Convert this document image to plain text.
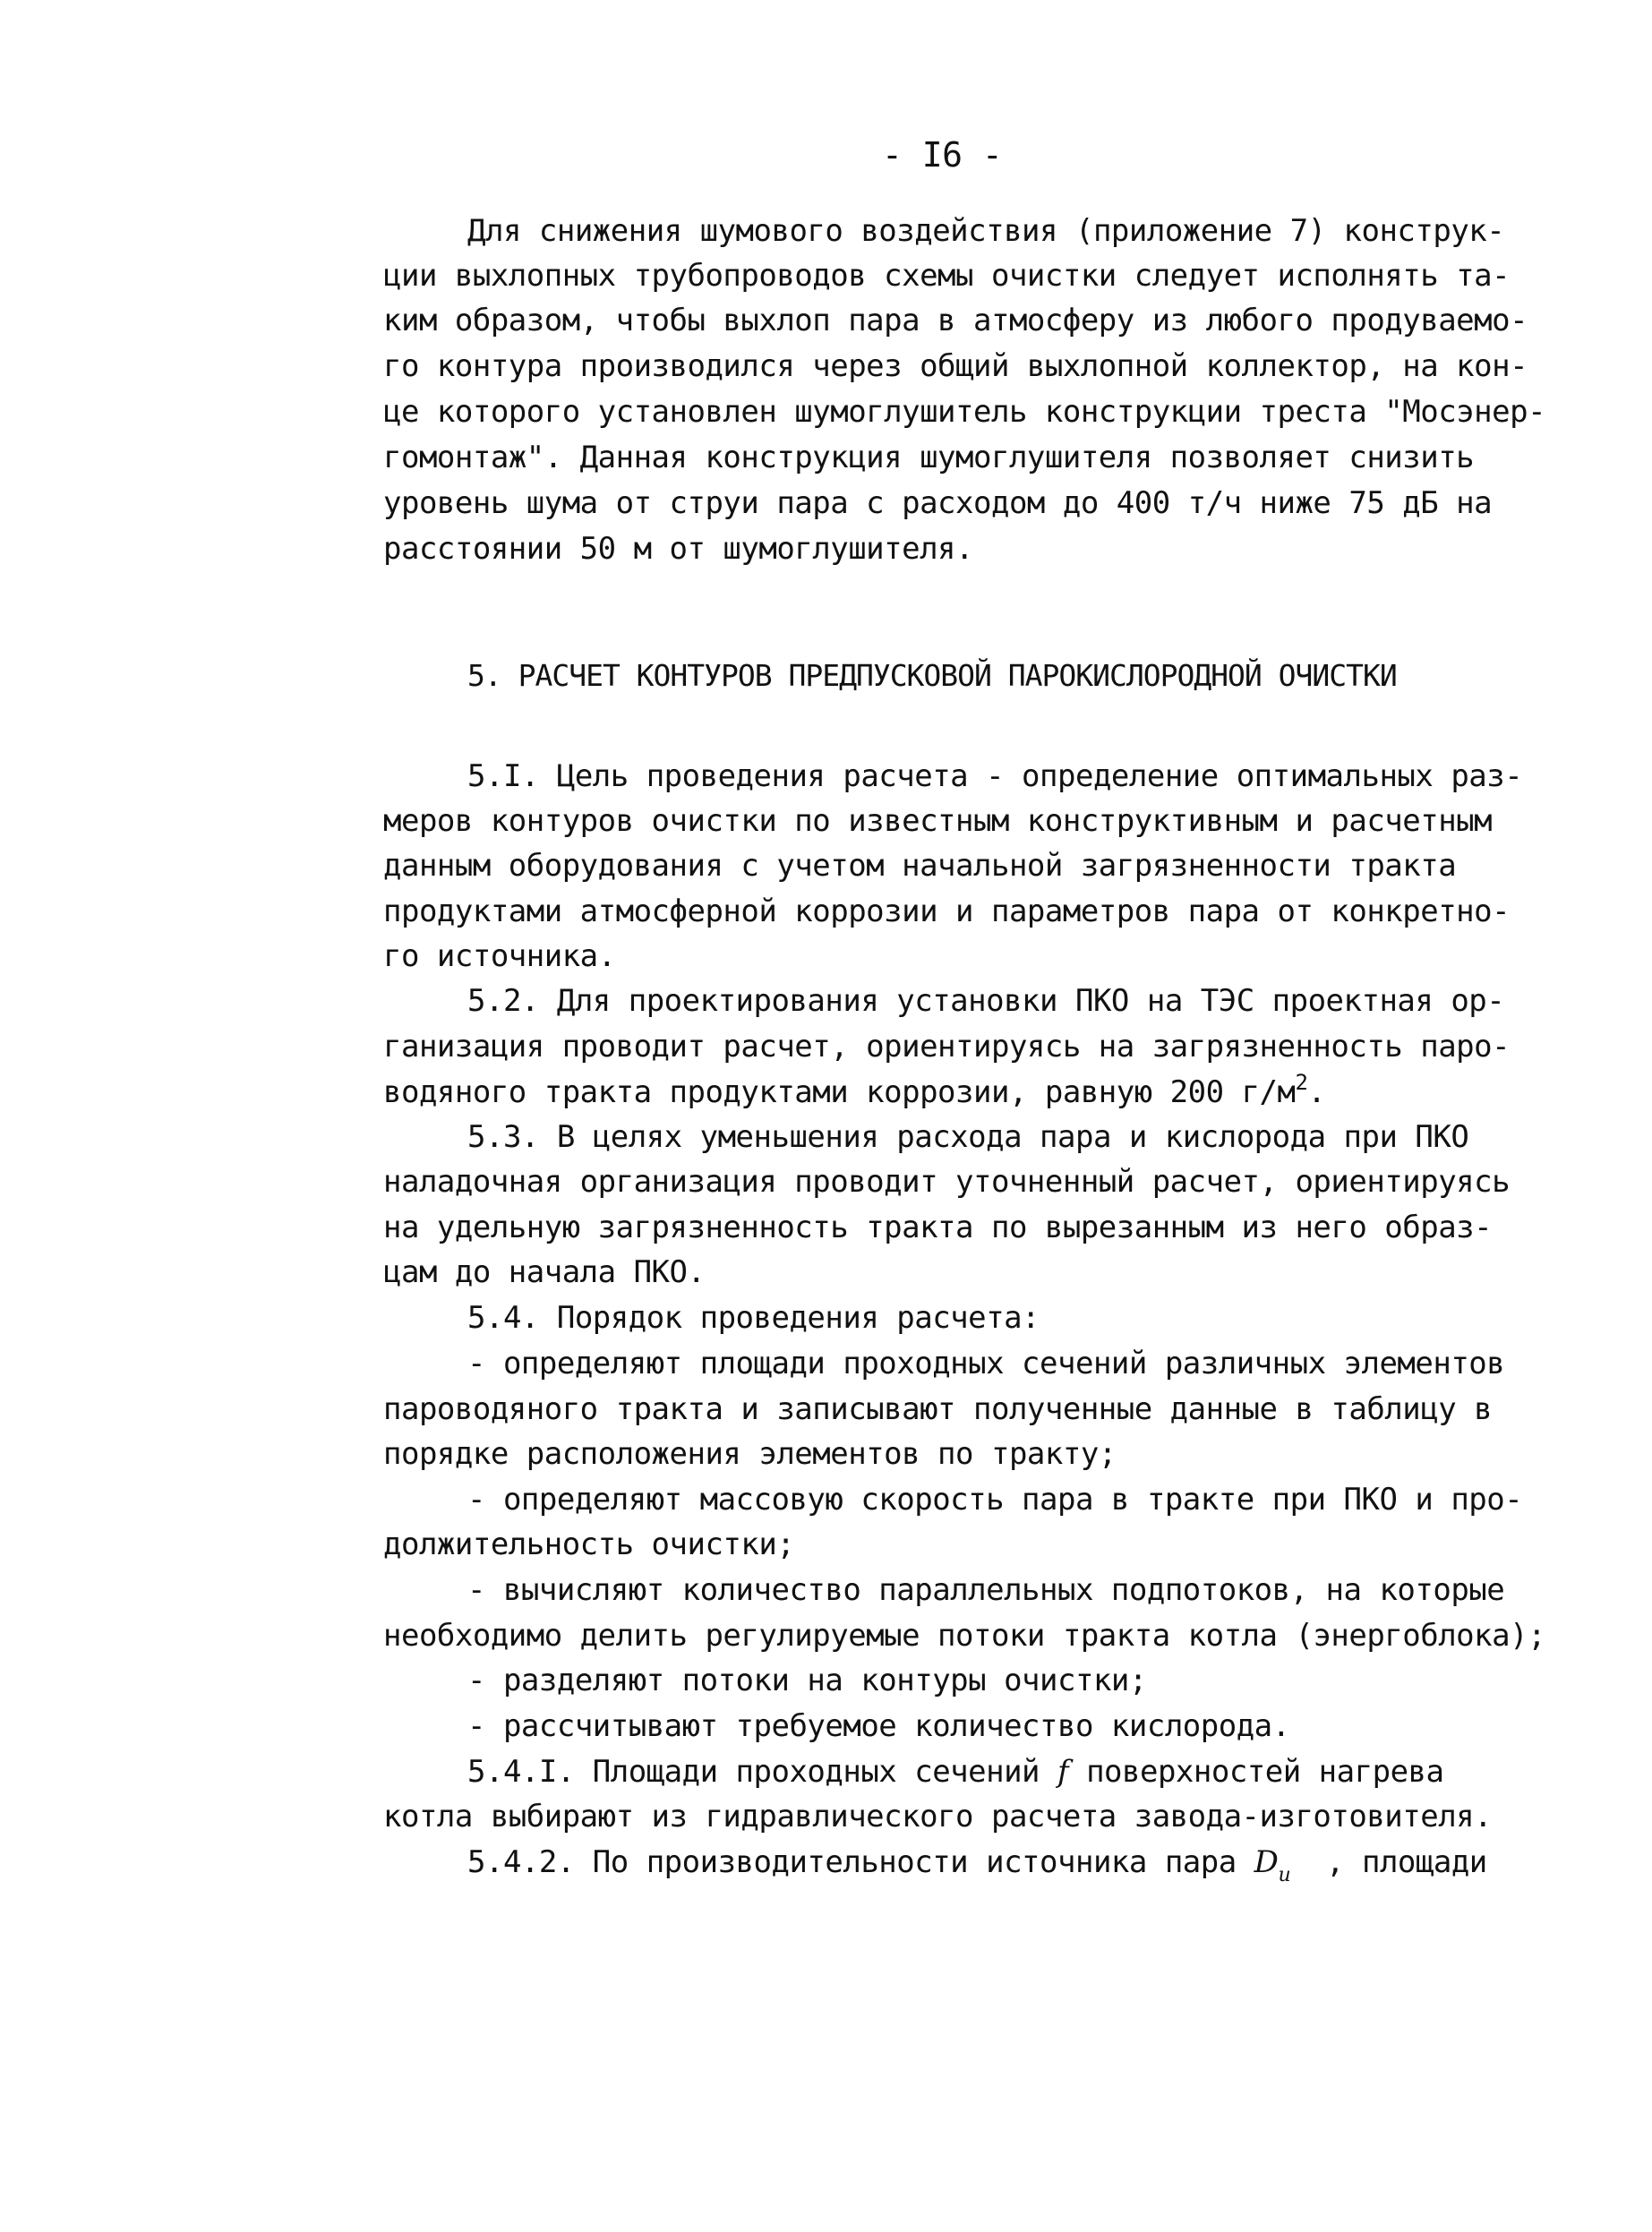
- I6 -
Для снижения шумового воздействия (приложение 7) конструк-
ции выхлопных трубопроводов схемы очистки следует исполнять та-
ким образом, чтобы выхлоп пара в атмосферу из любого продуваемо-
го контура производился через общий выхлопной коллектор, на кон-
це которого установлен шумоглушитель конструкции треста "Мосэнер-
гомонтаж". Данная конструкция шумоглушителя позволяет снизить
уровень шума от струи пара с расходом до 400 т/ч ниже 75 дБ на
расстоянии 50 м от шумоглушителя.
5. РАСЧЕТ КОНТУРОВ ПРЕДПУСКОВОЙ ПАРОКИСЛОРОДНОЙ ОЧИСТКИ
5.I. Цель проведения расчета - определение оптимальных раз-
меров контуров очистки по известным конструктивным и расчетным
данным оборудования с учетом начальной загрязненности тракта
продуктами атмосферной коррозии и параметров пара от конкретно-
го источника.
5.2. Для проектирования установки ПКО на ТЭС проектная ор-
ганизация проводит расчет, ориентируясь на загрязненность паро-
водяного тракта продуктами коррозии, равную 200 $г/м^2$.
5.3. В целях уменьшения расхода пара и кислорода при ПКО
наладочная организация проводит уточненный расчет, ориентируясь
на удельную загрязненность тракта по вырезанным из него образ-
цам до начала ПКО.
5.4. Порядок проведения расчета:
- определяют площади проходных сечений различных элементов
пароводяного тракта и записывают полученные данные в таблицу в
порядке расположения элементов по тракту;
- определяют массовую скорость пара в тракте при ПКО и про-
должительность очистки;
- вычисляют количество параллельных подпотоков, на которые
необходимо делить регулируемые потоки тракта котла (энергоблока);
- разделяют потоки на контуры очистки;
- рассчитывают требуемое количество кислорода.
5.4.I. Площади проходных сечений f поверхностей нагрева
котла выбирают из гидравлического расчета завода-изготовителя.
5.4.2. По производительности источника пара $D_и$  , площади
